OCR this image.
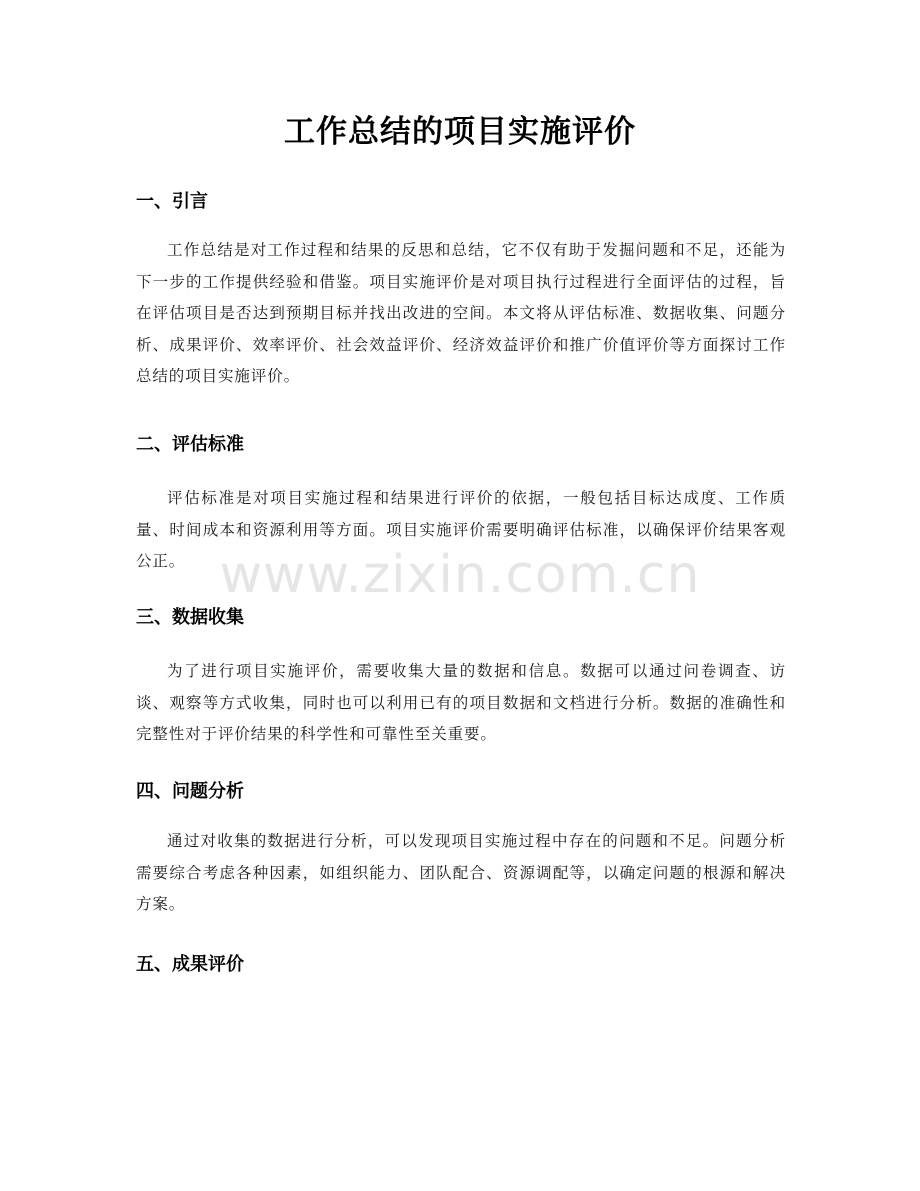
工作总结的项目实施评价
一、引言
工作总结是对工作过程和结果的反思和总结，它不仅有助于发掘问题和不足，还能为下一步的工作提供经验和借鉴。项目实施评价是对项目执行过程进行全面评估的过程，旨在评估项目是否达到预期目标并找出改进的空间。本文将从评估标准、数据收集、问题分析、成果评价、效率评价、社会效益评价、经济效益评价和推广价值评价等方面探讨工作总结的项目实施评价。
二、评估标准
评估标准是对项目实施过程和结果进行评价的依据，一般包括目标达成度、工作质量、时间成本和资源利用等方面。项目实施评价需要明确评估标准，以确保评价结果客观公正。
三、数据收集
为了进行项目实施评价，需要收集大量的数据和信息。数据可以通过问卷调查、访谈、观察等方式收集，同时也可以利用已有的项目数据和文档进行分析。数据的准确性和完整性对于评价结果的科学性和可靠性至关重要。
四、问题分析
通过对收集的数据进行分析，可以发现项目实施过程中存在的问题和不足。问题分析需要综合考虑各种因素，如组织能力、团队配合、资源调配等，以确定问题的根源和解决方案。
五、成果评价
www.zixin.com.cn
